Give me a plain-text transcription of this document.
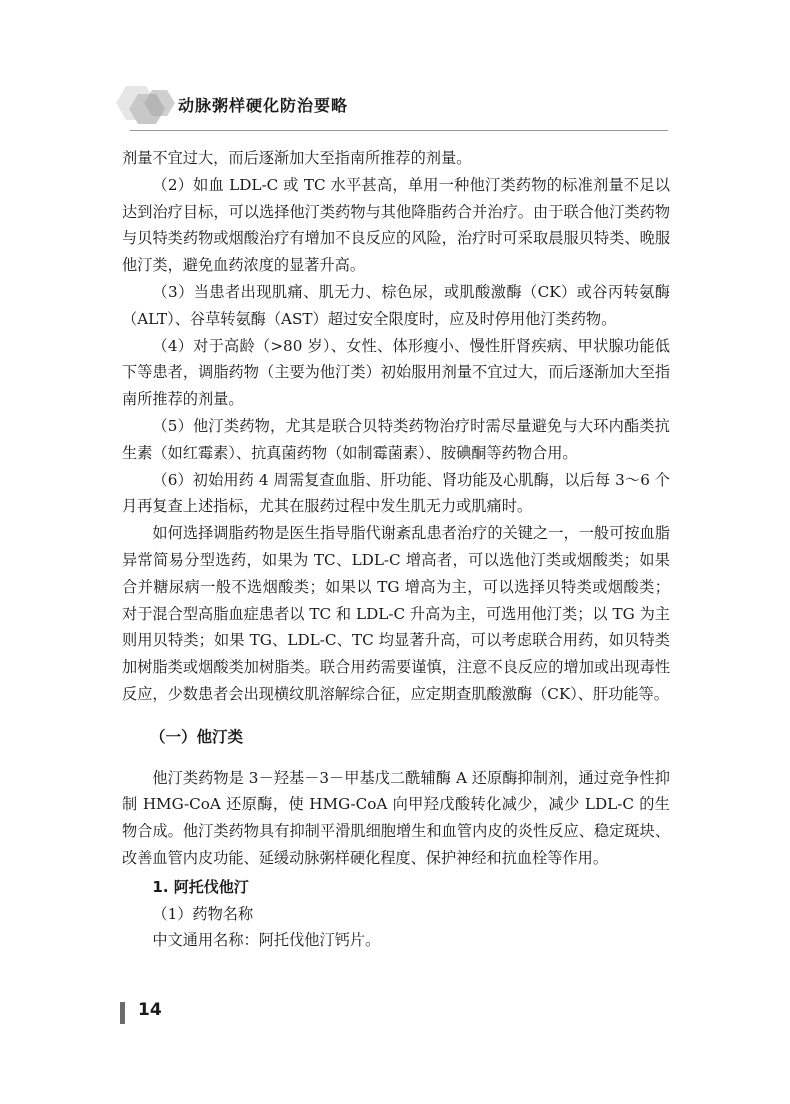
动脉粥样硬化防治要略

剂量不宜过大，而后逐渐加大至指南所推荐的剂量。

（2）如血 LDL-C 或 TC 水平甚高，单用一种他汀类药物的标准剂量不足以达到治疗目标，可以选择他汀类药物与其他降脂药合并治疗。由于联合他汀类药物与贝特类药物或烟酸治疗有增加不良反应的风险，治疗时可采取晨服贝特类、晚服他汀类，避免血药浓度的显著升高。

（3）当患者出现肌痛、肌无力、棕色尿，或肌酸激酶（CK）或谷丙转氨酶（ALT）、谷草转氨酶（AST）超过安全限度时，应及时停用他汀类药物。

（4）对于高龄（>80 岁）、女性、体形瘦小、慢性肝肾疾病、甲状腺功能低下等患者，调脂药物（主要为他汀类）初始服用剂量不宜过大，而后逐渐加大至指南所推荐的剂量。

（5）他汀类药物，尤其是联合贝特类药物治疗时需尽量避免与大环内酯类抗生素（如红霉素）、抗真菌药物（如制霉菌素）、胺碘酮等药物合用。

（6）初始用药 4 周需复查血脂、肝功能、肾功能及心肌酶，以后每 3～6 个月再复查上述指标，尤其在服药过程中发生肌无力或肌痛时。

如何选择调脂药物是医生指导脂代谢紊乱患者治疗的关键之一，一般可按血脂异常简易分型选药，如果为 TC、LDL-C 增高者，可以选他汀类或烟酸类；如果合并糖尿病一般不选烟酸类；如果以 TG 增高为主，可以选择贝特类或烟酸类；对于混合型高脂血症患者以 TC 和 LDL-C 升高为主，可选用他汀类；以 TG 为主则用贝特类；如果 TG、LDL-C、TC 均显著升高，可以考虑联合用药，如贝特类加树脂类或烟酸类加树脂类。联合用药需要谨慎，注意不良反应的增加或出现毒性反应，少数患者会出现横纹肌溶解综合征，应定期查肌酸激酶（CK）、肝功能等。

（一）他汀类

他汀类药物是 3－羟基－3－甲基戊二酰辅酶 A 还原酶抑制剂，通过竞争性抑制 HMG-CoA 还原酶，使 HMG-CoA 向甲羟戊酸转化减少，减少 LDL-C 的生物合成。他汀类药物具有抑制平滑肌细胞增生和血管内皮的炎性反应、稳定斑块、改善血管内皮功能、延缓动脉粥样硬化程度、保护神经和抗血栓等作用。

1. 阿托伐他汀

（1）药物名称

中文通用名称：阿托伐他汀钙片。

14
